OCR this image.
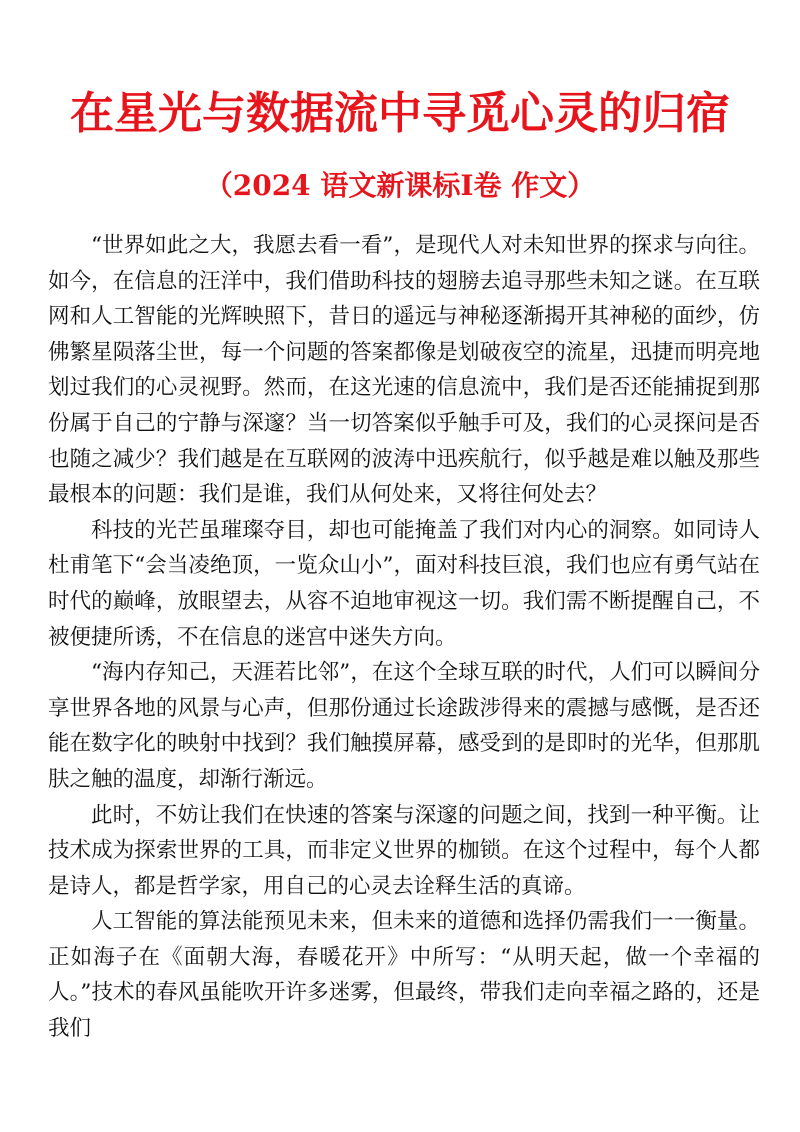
在星光与数据流中寻觅心灵的归宿
（2024 语文新课标Ⅰ卷 作文）

“世界如此之大，我愿去看一看”，是现代人对未知世界的探求与向往。如今，在信息的汪洋中，我们借助科技的翅膀去追寻那些未知之谜。在互联网和人工智能的光辉映照下，昔日的遥远与神秘逐渐揭开其神秘的面纱，仿佛繁星陨落尘世，每一个问题的答案都像是划破夜空的流星，迅捷而明亮地划过我们的心灵视野。然而，在这光速的信息流中，我们是否还能捕捉到那份属于自己的宁静与深邃？当一切答案似乎触手可及，我们的心灵探问是否也随之减少？我们越是在互联网的波涛中迅疾航行，似乎越是难以触及那些最根本的问题：我们是谁，我们从何处来，又将往何处去？

科技的光芒虽璀璨夺目，却也可能掩盖了我们对内心的洞察。如同诗人杜甫笔下“会当凌绝顶，一览众山小”，面对科技巨浪，我们也应有勇气站在时代的巅峰，放眼望去，从容不迫地审视这一切。我们需不断提醒自己，不被便捷所诱，不在信息的迷宫中迷失方向。

“海内存知己，天涯若比邻”，在这个全球互联的时代，人们可以瞬间分享世界各地的风景与心声，但那份通过长途跋涉得来的震撼与感慨，是否还能在数字化的映射中找到？我们触摸屏幕，感受到的是即时的光华，但那肌肤之触的温度，却渐行渐远。

此时，不妨让我们在快速的答案与深邃的问题之间，找到一种平衡。让技术成为探索世界的工具，而非定义世界的枷锁。在这个过程中，每个人都是诗人，都是哲学家，用自己的心灵去诠释生活的真谛。

人工智能的算法能预见未来，但未来的道德和选择仍需我们一一衡量。正如海子在《面朝大海，春暖花开》中所写：“从明天起，做一个幸福的人。”技术的春风虽能吹开许多迷雾，但最终，带我们走向幸福之路的，还是我们
